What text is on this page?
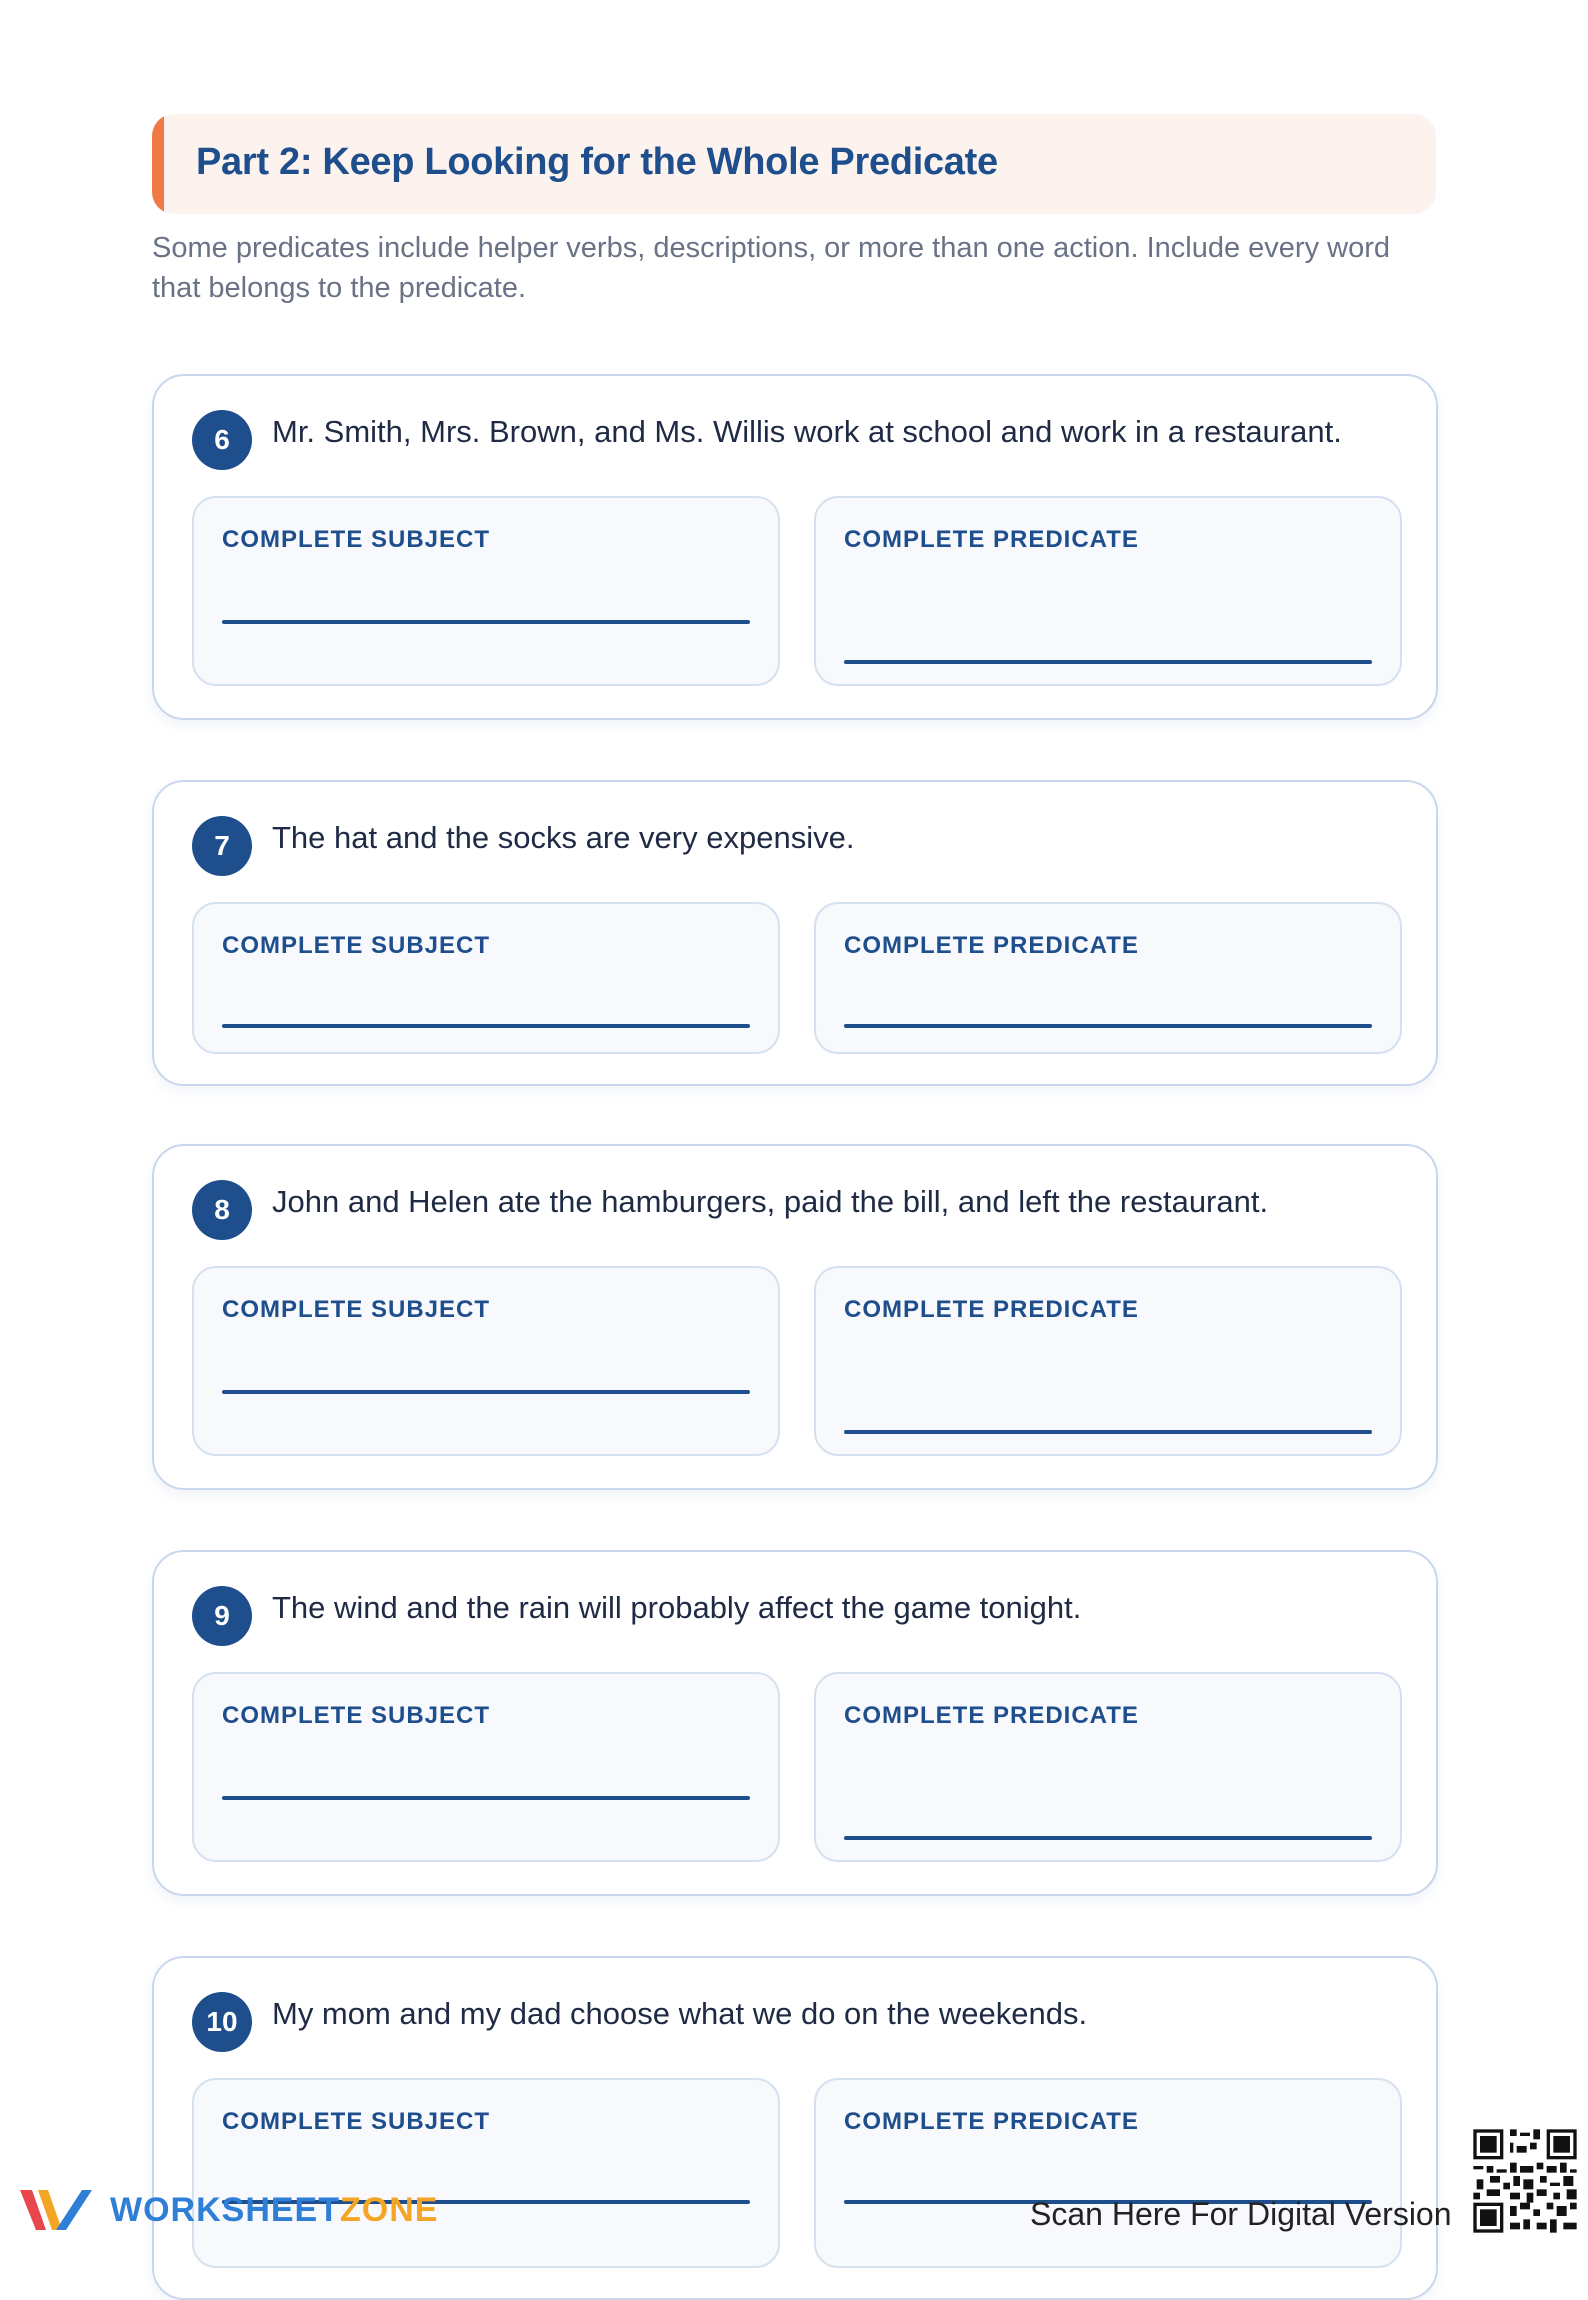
Part 2: Keep Looking for the Whole Predicate
Some predicates include helper verbs, descriptions, or more than one action. Include every word that belongs to the predicate.
6	Mr. Smith, Mrs. Brown, and Ms. Willis work at school and work in a restaurant.
COMPLETE SUBJECT	COMPLETE PREDICATE
7	The hat and the socks are very expensive.
COMPLETE SUBJECT	COMPLETE PREDICATE
8	John and Helen ate the hamburgers, paid the bill, and left the restaurant.
COMPLETE SUBJECT	COMPLETE PREDICATE
9	The wind and the rain will probably affect the game tonight.
COMPLETE SUBJECT	COMPLETE PREDICATE
10	My mom and my dad choose what we do on the weekends.
COMPLETE SUBJECT	COMPLETE PREDICATE
WORKSHEETZONE	Scan Here For Digital Version
